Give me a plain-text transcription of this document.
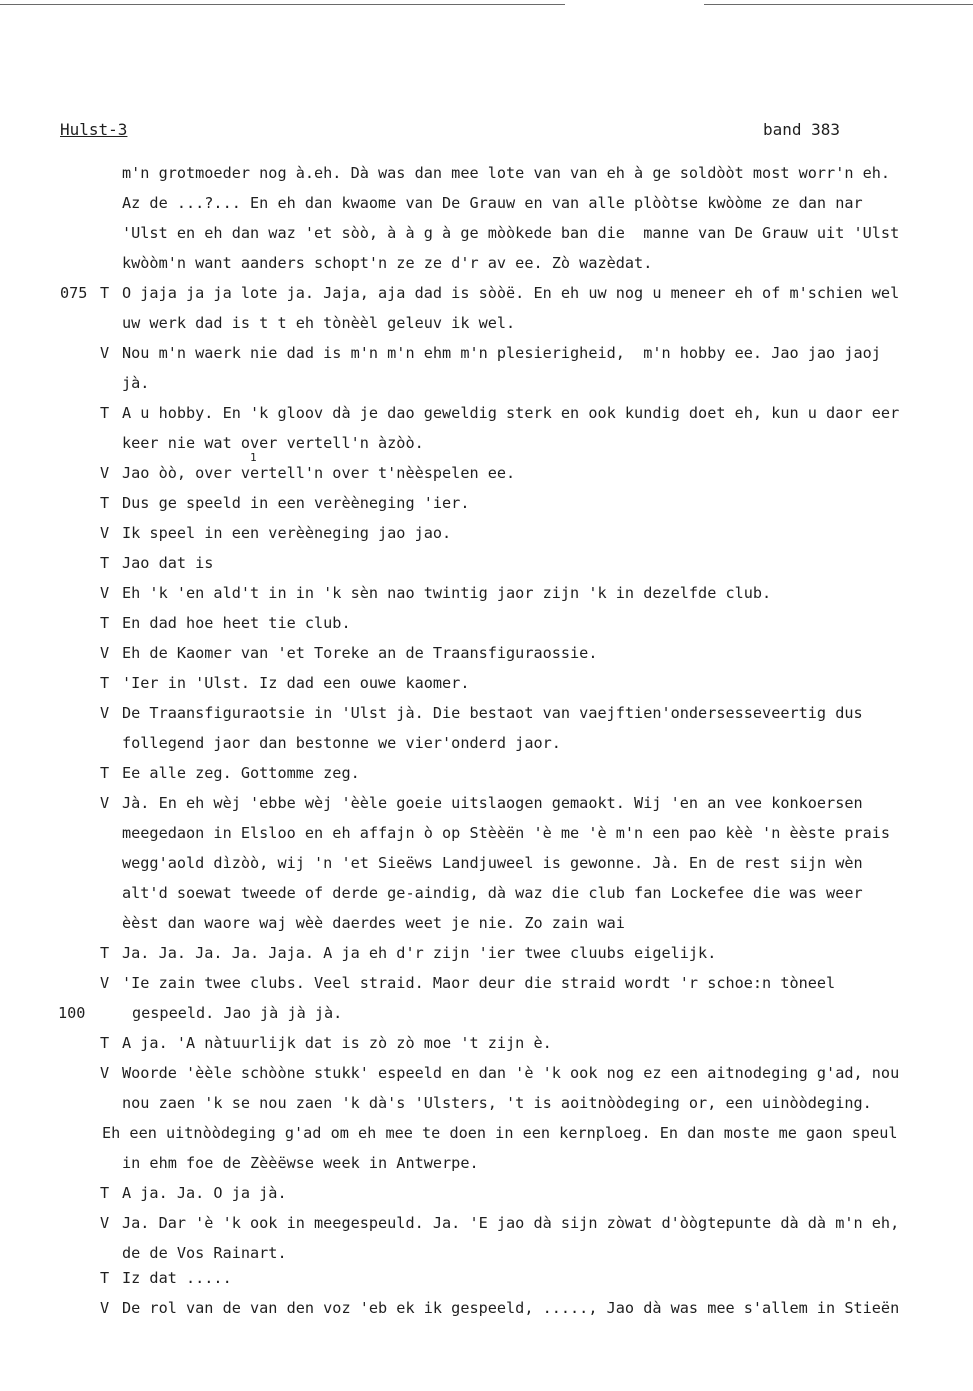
Hulst-3	band 383
m'n grotmoeder nog à.eh. Dà was dan mee lote van van eh à ge soldòòt most worr'n eh.
Az de ...?... En eh dan kwaome van De Grauw en van alle plòòtse kwòòme ze dan nar
'Ulst en eh dan waz 'et sòò, à à g à ge mòòkede ban die  manne van De Grauw uit 'Ulst
kwòòm'n want aanders schopt'n ze ze d'r av ee. Zò wazèdat.
075 T O jaja ja ja lote ja. Jaja, aja dad is sòòë. En eh uw nog u meneer eh of m'schien wel
uw werk dad is t t eh tònèèl geleuv ik wel.
V Nou m'n waerk nie dad is m'n m'n ehm m'n plesierigheid,  m'n hobby ee. Jao jao jaoj
jà.
T A u hobby. En 'k gloov dà je dao geweldig sterk en ook kundig doet eh, kun u daor eer
keer nie wat over vertell'n àzòò.
V Jao òò, over vertell'n over t'nèèspelen ee.
T Dus ge speeld in een verèèneging 'ier.
V Ik speel in een verèèneging jao jao.
T Jao dat is
V Eh 'k 'en ald't in in 'k sèn nao twintig jaor zijn 'k in dezelfde club.
T En dad hoe heet tie club.
V Eh de Kaomer van 'et Toreke an de Traansfiguraossie.
T 'Ier in 'Ulst. Iz dad een ouwe kaomer.
V De Traansfiguraotsie in 'Ulst jà. Die bestaot van vaejftien'ondersesseveertig dus
follegend jaor dan bestonne we vier'onderd jaor.
T Ee alle zeg. Gottomme zeg.
V Jà. En eh wèj 'ebbe wèj 'èèle goeie uitslaogen gemaokt. Wij 'en an vee konkoersen
meegedaon in Elsloo en eh affajn ò op Stèèën 'è me 'è m'n een pao kèè 'n èèste prais
wegg'aold dìzòò, wij 'n 'et Sieëws Landjuweel is gewonne. Jà. En de rest sijn wèn
alt'd soewat tweede of derde ge-aindig, dà waz die club fan Lockefee die was weer
èèst dan waore waj wèè daerdes weet je nie. Zo zain wai
T Ja. Ja. Ja. Ja. Jaja. A ja eh d'r zijn 'ier twee cluubs eigelijk.
V 'Ie zain twee clubs. Veel straid. Maor deur die straid wordt 'r schoe:n tòneel
100	gespeeld. Jao jà jà jà.
T A ja. 'A nàtuurlijk dat is zò zò moe 't zijn è.
V Woorde 'èèle schòòne stukk' espeeld en dan 'è 'k ook nog ez een aitnodeging g'ad, nou
nou zaen 'k se nou zaen 'k dà's 'Ulsters, 't is aoitnòòdeging or, een uinòòdeging.
Eh een uitnòòdeging g'ad om eh mee te doen in een kernploeg. En dan moste me gaon speul
in ehm foe de Zèèëwse week in Antwerpe.
T A ja. Ja. O ja jà.
V Ja. Dar 'è 'k ook in meegespeuld. Ja. 'E jao dà sijn zòwat d'òògtepunte dà dà m'n eh,
de de Vos Rainart.
T Iz dat .....
V De rol van de van den voz 'eb ek ik gespeeld, ....., Jao dà was mee s'allem in Stieën
1
